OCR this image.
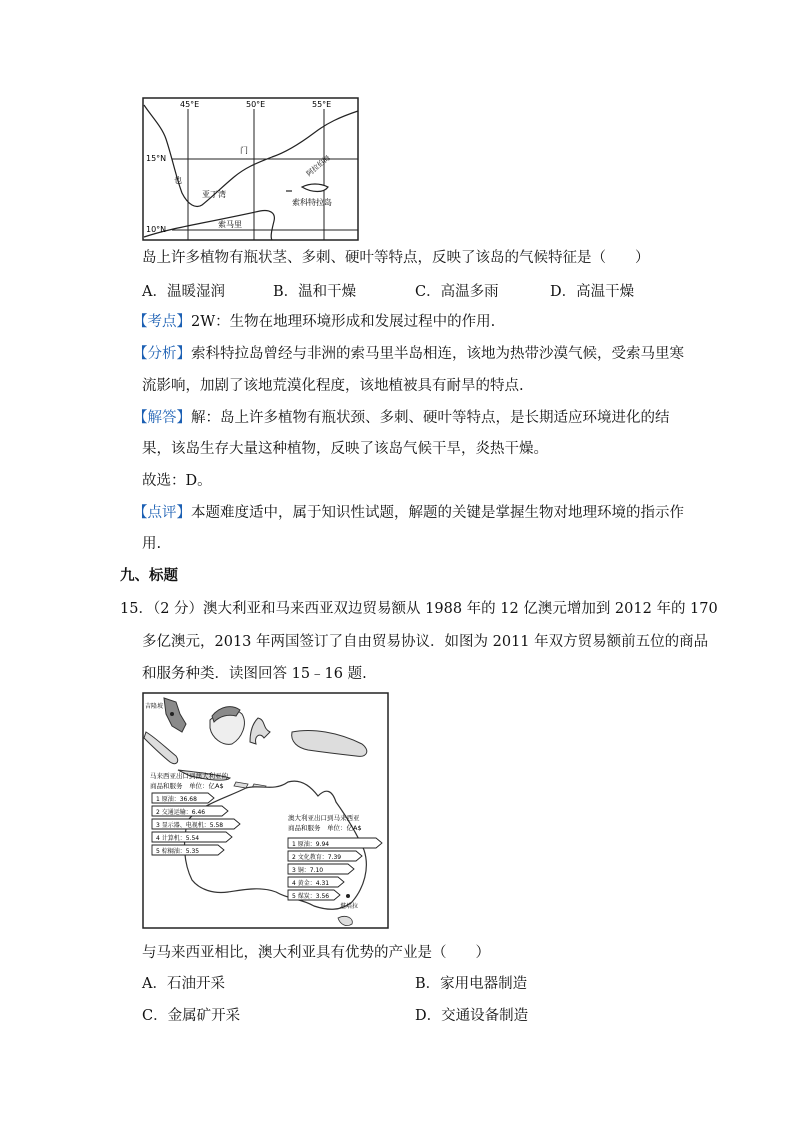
45°E	50°E	55°E
15°N
10°N
门
也
阿拉伯海
亚丁湾
索科特拉岛
索马里
岛上许多植物有瓶状茎、多刺、硬叶等特点，反映了该岛的气候特征是（　　）
A．温暖湿润	B．温和干燥	C．高温多雨	D．高温干燥
【考点】2W：生物在地理环境形成和发展过程中的作用.
【分析】索科特拉岛曾经与非洲的索马里半岛相连，该地为热带沙漠气候，受索马里寒
流影响，加剧了该地荒漠化程度，该地植被具有耐旱的特点.
【解答】解：岛上许多植物有瓶状颈、多刺、硬叶等特点，是长期适应环境进化的结
果，该岛生存大量这种植物，反映了该岛气候干旱，炎热干燥。
故选：D。
【点评】本题难度适中，属于知识性试题，解题的关键是掌握生物对地理环境的指示作
用.
九、标题
15．（2 分）澳大利亚和马来西亚双边贸易额从 1988 年的 12 亿澳元增加到 2012 年的 170
多亿澳元，2013 年两国签订了自由贸易协议．如图为 2011 年双方贸易额前五位的商品
和服务种类．读图回答 15﹣16 题.
吉隆坡
堪培拉
马来西亚出口到澳大利亚的
商品和服务　单位：亿A$
1 原油：36.68
2 交通运输：6.46
3 显示器、电视机：5.58
4 计算机：5.54
5 棕榈油：5.35
澳大利亚出口到马来西亚
商品和服务　单位：亿A$
1 原油：9.94
2 文化教育：7.39
3 铜：7.10
4 黄金：4.31
5 煤炭：3.56
与马来西亚相比，澳大利亚具有优势的产业是（　　）
A．石油开采	B．家用电器制造
C．金属矿开采	D．交通设备制造
